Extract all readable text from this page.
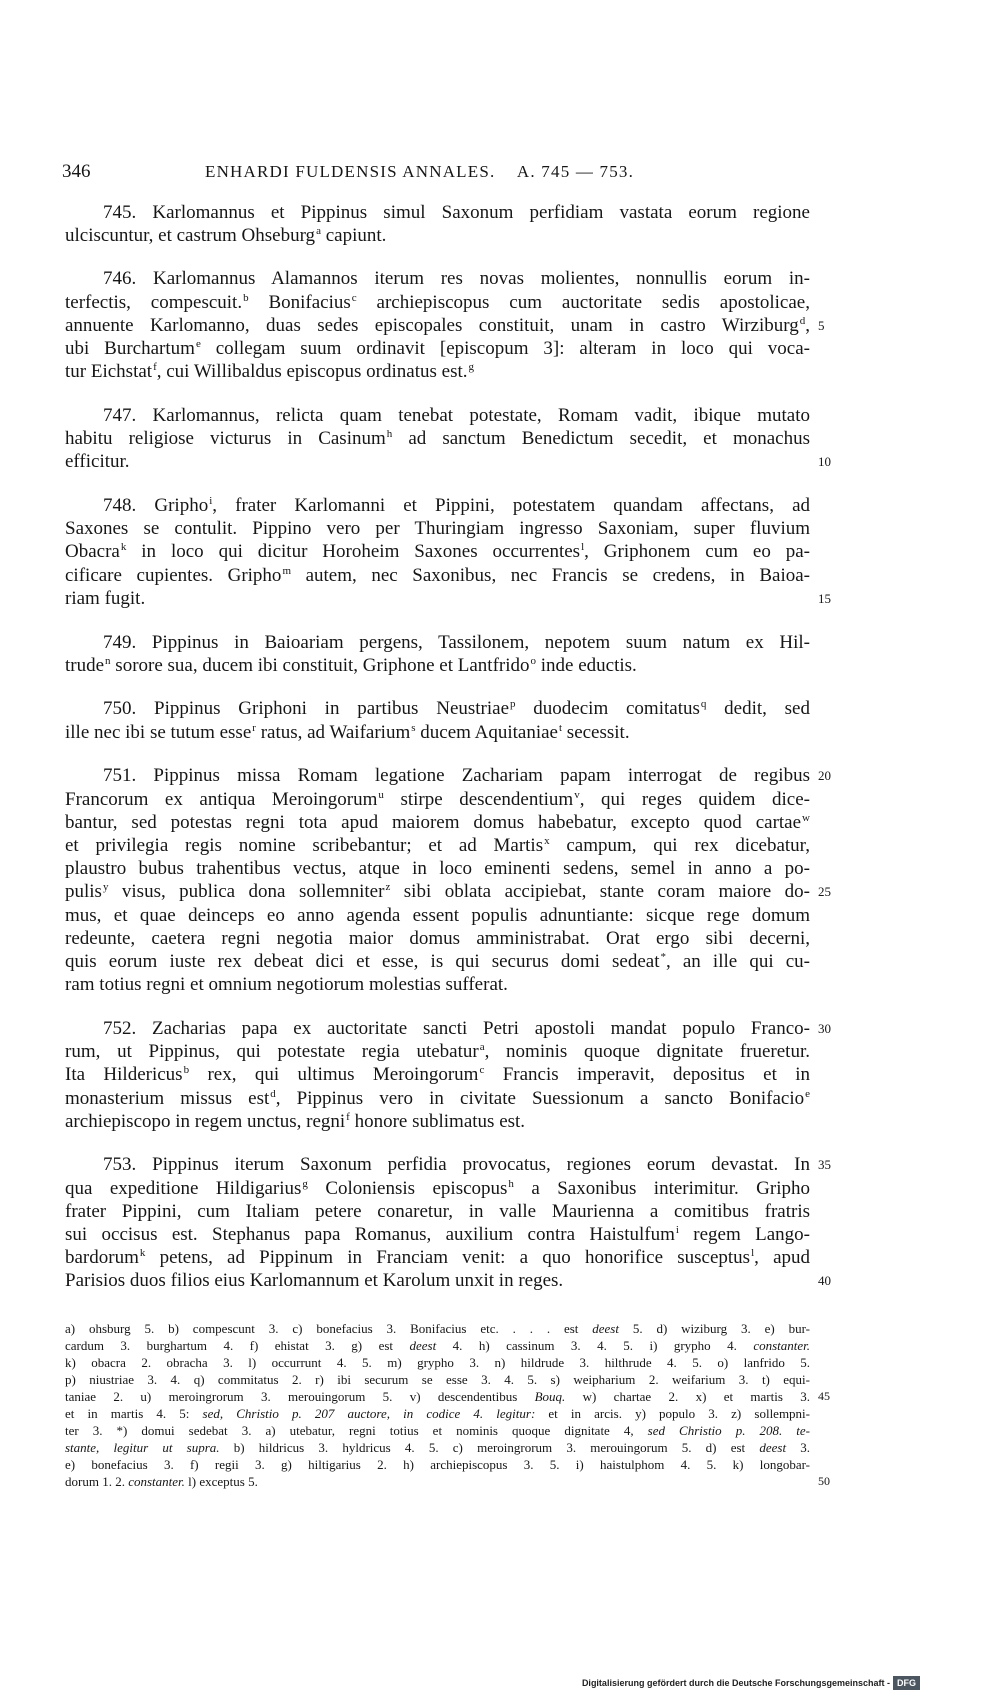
346	ENHARDI FULDENSIS ANNALES. A. 745 — 753.
745. Karlomannus et Pippinus simul Saxonum perfidiam vastata eorum regione
ulciscuntur, et castrum Ohseburg$^a$ capiunt.
746. Karlomannus Alamannos iterum res novas molientes, nonnullis eorum in-
terfectis, compescuit.$^b$ Bonifacius$^c$ archiepiscopus cum auctoritate sedis apostolicae,
annuente Karlomanno, duas sedes episcopales constituit, unam in castro Wirziburg$^d$, 5
ubi Burchartum$^e$ collegam suum ordinavit [episcopum 3]: alteram in loco qui voca-
tur Eichstat$^f$, cui Willibaldus episcopus ordinatus est.$^g$
747. Karlomannus, relicta quam tenebat potestate, Romam vadit, ibique mutato
habitu religiose victurus in Casinum$^h$ ad sanctum Benedictum secedit, et monachus
efficitur.	10
748. Gripho$^i$, frater Karlomanni et Pippini, potestatem quandam affectans, ad
Saxones se contulit. Pippino vero per Thuringiam ingresso Saxoniam, super fluvium
Obacra$^k$ in loco qui dicitur Horoheim Saxones occurrentes$^l$, Griphonem cum eo pa-
cificare cupientes. Gripho$^m$ autem, nec Saxonibus, nec Francis se credens, in Baioa-
riam fugit.	15
749. Pippinus in Baioariam pergens, Tassilonem, nepotem suum natum ex Hil-
trude$^n$ sorore sua, ducem ibi constituit, Griphone et Lantfrido$^o$ inde eductis.
750. Pippinus Griphoni in partibus Neustriae$^p$ duodecim comitatus$^q$ dedit, sed
ille nec ibi se tutum esse$^r$ ratus, ad Waifarium$^s$ ducem Aquitaniae$^t$ secessit.
751. Pippinus missa Romam legatione Zachariam papam interrogat de regibus 20
Francorum ex antiqua Meroingorum$^u$ stirpe descendentium$^v$, qui reges quidem dice-
bantur, sed potestas regni tota apud maiorem domus habebatur, excepto quod cartae$^w$
et privilegia regis nomine scribebantur; et ad Martis$^x$ campum, qui rex dicebatur,
plaustro bubus trahentibus vectus, atque in loco eminenti sedens, semel in anno a po-
pulis$^y$ visus, publica dona sollemniter$^z$ sibi oblata accipiebat, stante coram maiore do- 25
mus, et quae deinceps eo anno agenda essent populis adnuntiante: sicque rege domum
redeunte, caetera regni negotia maior domus amministrabat. Orat ergo sibi decerni,
quis eorum iuste rex debeat dici et esse, is qui securus domi sedeat*, an ille qui cu-
ram totius regni et omnium negotiorum molestias sufferat.
752. Zacharias papa ex auctoritate sancti Petri apostoli mandat populo Franco- 30
rum, ut Pippinus, qui potestate regia utebatur$^a$, nominis quoque dignitate frueretur.
Ita Hildericus$^b$ rex, qui ultimus Meroingorum$^c$ Francis imperavit, depositus et in
monasterium missus est$^d$, Pippinus vero in civitate Suessionum a sancto Bonifacio$^e$
archiepiscopo in regem unctus, regni$^f$ honore sublimatus est.
753. Pippinus iterum Saxonum perfidia provocatus, regiones eorum devastat. In 35
qua expeditione Hildigarius$^g$ Coloniensis episcopus$^h$ a Saxonibus interimitur. Gripho
frater Pippini, cum Italiam petere conaretur, in valle Maurienna a comitibus fratris
sui occisus est. Stephanus papa Romanus, auxilium contra Haistulfum$^i$ regem Lango-
bardorum$^k$ petens, ad Pippinum in Franciam venit: a quo honorifice susceptus$^l$, apud
Parisios duos filios eius Karlomannum et Karolum unxit in reges.	40
a) ohsburg 5. b) compescunt 3. c) bonefacius 3. Bonifacius etc. . . . est deest 5. d) wiziburg 3. e) bur-
cardum 3. burghartum 4. f) ehistat 3. g) est deest 4. h) cassinum 3. 4. 5. i) grypho 4. constanter.
k) obacra 2. obracha 3. l) occurrunt 4. 5. m) grypho 3. n) hildrude 3. hilthrude 4. 5. o) lanfrido 5.
p) niustriae 3. 4. q) commitatus 2. r) ibi securum se esse 3. 4. 5. s) weipharium 2. weifarium 3. t) equi-
taniae 2. u) meroingrorum 3. merouingorum 5. v) descendentibus Bouq. w) chartae 2. x) et martis 3. 45
et in martis 4. 5: sed, Christio p. 207 auctore, in codice 4. legitur: et in arcis. y) populo 3. z) sollempni-
ter 3. *) domui sedebat 3. a) utebatur, regni totius et nominis quoque dignitate 4, sed Christio p. 208. te-
stante, legitur ut supra. b) hildricus 3. hyldricus 4. 5. c) meroingrorum 3. merouingorum 5. d) est deest 3.
e) bonefacius 3. f) regii 3. g) hiltigarius 2. h) archiepiscopus 3. 5. i) haistulphom 4. 5. k) longobar-
dorum 1. 2. constanter. l) exceptus 5.	50
Digitalisierung gefördert durch die Deutsche Forschungsgemeinschaft - DFG
